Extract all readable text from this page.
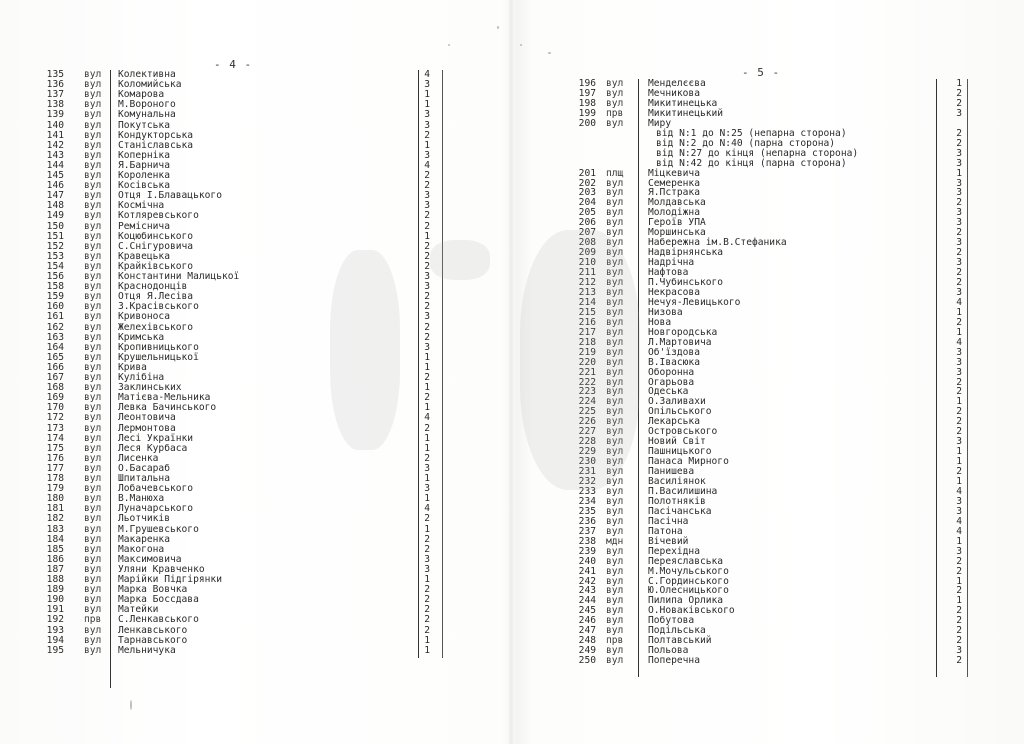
- 4 -
135 вул Колективна	4
136 вул Коломийська	3
137 вул Комарова	1
138 вул М.Вороного	1
139 вул Комунальна	3
140 вул Покутська	3
141 вул Кондукторська	2
142 вул Станіславська	1
143 вул Копернiка	3
144 вул Я.Барнича	4
145 вул Короленка	2
146 вул Косівська	2
147 вул Отця І.Блавацького	3
148 вул Космічна	3
149 вул Котляревського	2
150 вул Ремісничa	2
151 вул Коцюбинського	1
152 вул С.Снігуровича	2
153 вул Кравецька	2
154 вул Крайківського	2
156 вул Константини Малицької	3
158 вул Краснодонців	3
159 вул Отця Я.Лесіва	2
160 вул З.Красівського	2
161 вул Кривоноса	3
162 вул Желехівського	2
163 вул Кримська	2
164 вул Кропивницького	3
165 вул Крушельницької	1
166 вул Крива	1
167 вул Кулібіна	2
168 вул Заклинських	1
169 вул Матієва-Мельника	2
170 вул Левка Бачинського	1
172 вул Леонтовича	4
173 вул Лермонтова	2
174 вул Лесі Українки	1
175 вул Леся Курбаса	1
176 вул Лисенка	2
177 вул О.Басараб	3
178 вул Шпитальна	1
179 вул Лобачевського	3
180 вул В.Манюха	1
181 вул Луначарського	4
182 вул Льотчиків	2
183 вул М.Грушевського	1
184 вул Макаренка	2
185 вул Макогона	2
186 вул Максимовича	3
187 вул Уляни Кравченко	3
188 вул Марійки Підгірянки	1
189 вул Марка Вовчка	2
190 вул Марка Боссдава	2
191 вул Матейки	2
192 прв С.Ленкавського	2
193 вул Ленкавського	2
194 вул Тарнавського	1
195 вул Мельничука	1
- 5 -
196 вул	Менделєєва	1
197 вул	Мечникова	2
198 вул	Микитинецька	2
199 прв	Микитинецький	3
200 вул	Миру
від N:1 до N:25 (непарна сторона)	2
від N:2 до N:40 (парна сторона)	2
від N:27 до кінця (непарна сторона)	3
від N:42 до кінця (парна сторона)	3
201 плщ	Міцкевича	1
202 вул	Семеренка	3
203 вул	Я.Пстрака	3
204 вул	Молдавська	2
205 вул	Молодіжна	3
206 вул	Героїв УПА	3
207 вул	Моршинська	2
208 вул	Набережна ім.В.Стефаника	3
209 вул	Надвірнянська	2
210 вул	Надрічна	3
211 вул	Нафтова	2
212 вул	П.Чубинського	2
213 вул	Некрасова	3
214 вул	Нечуя-Левицького	4
215 вул	Низова	1
216 вул	Нова	2
217 вул	Новгородська	1
218 вул	Л.Мартовича	4
219 вул	Об'їздова	3
220 вул	В.Івасюка	3
221 вул	Оборонна	3
222 вул	Огарьова	2
223 вул	Одеська	2
224 вул	О.Заливахи	1
225 вул	Опільського	2
226 вул	Лекарська	2
227 вул	Островського	2
228 вул	Новий Світ	3
229 вул	Пашницького	1
230 вул	Панаса Мирного	1
231 вул	Панишева	2
232 вул	Василіянок	1
233 вул	П.Василишина	4
234 вул	Полотняків	3
235 вул	Пасічанська	3
236 вул	Пасічна	4
237 вул	Патона	4
238 мдн	Вічевий	1
239 вул	Перехідна	3
240 вул	Переяславська	2
241 вул	М.Мочульського	2
242 вул	С.Гординського	1
243 вул	Ю.Олесницького	2
244 вул	Пилипа Орлика	1
245 вул	О.Новаківського	2
246 вул	Побутова	2
247 вул	Подільська	2
248 прв	Полтавський	2
249 вул	Польова	3
250 вул	Поперечна	2
